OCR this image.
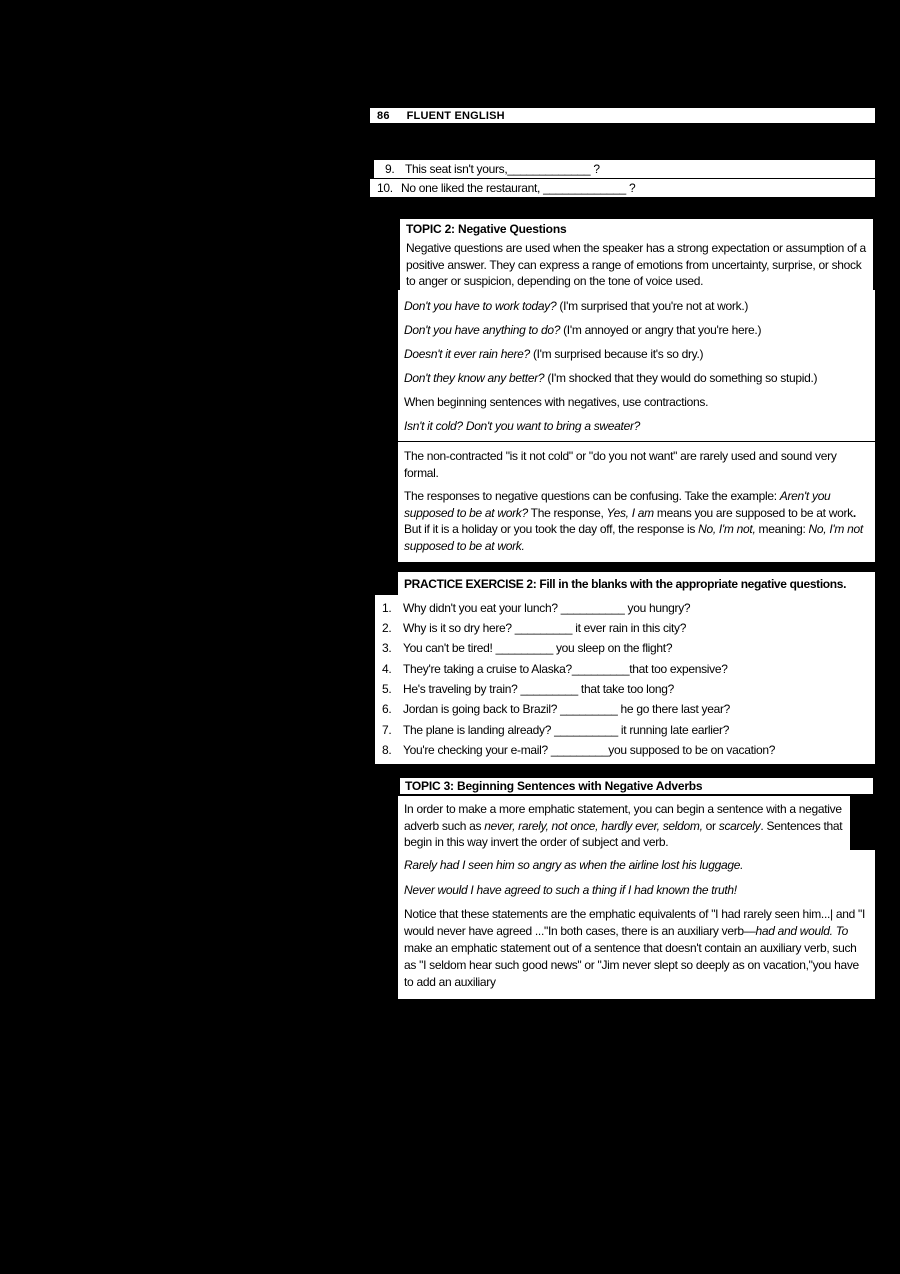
86	FLUENT ENGLISH
9. This seat isn't yours,_____________ ?
10. No one liked the restaurant, _____________ ?
TOPIC 2: Negative Questions
Negative questions are used when the speaker has a strong expectation or assumption of a positive answer. They can express a range of emotions from uncertainty, surprise, or shock to anger or suspicion, depending on the tone of voice used.
Don't you have to work today? (I'm surprised that you're not at work.)
Don't you have anything to do? (I'm annoyed or angry that you're here.)
Doesn't it ever rain here? (I'm surprised because it's so dry.)
Don't they know any better? (I'm shocked that they would do something so stupid.)
When beginning sentences with negatives, use contractions.
Isn't it cold? Don't you want to bring a sweater?
The non-contracted "is it not cold" or "do you not want" are rarely used and sound very formal.
The responses to negative questions can be confusing. Take the example: Aren't you supposed to be at work? The response, Yes, I am means you are supposed to be at work. But if it is a holiday or you took the day off, the response is No, I'm not, meaning: No, I'm not supposed to be at work.
PRACTICE EXERCISE 2: Fill in the blanks with the appropriate negative questions.
1. Why didn't you eat your lunch? __________ you hungry?
2. Why is it so dry here? _________ it ever rain in this city?
3. You can't be tired! _________ you sleep on the flight?
4. They're taking a cruise to Alaska?_________that too expensive?
5. He's traveling by train? _________ that take too long?
6. Jordan is going back to Brazil? _________ he go there last year?
7. The plane is landing already? __________ it running late earlier?
8. You're checking your e-mail? _________you supposed to be on vacation?
TOPIC 3: Beginning Sentences with Negative Adverbs
In order to make a more emphatic statement, you can begin a sentence with a negative adverb such as never, rarely, not once, hardly ever, seldom, or scarcely. Sentences that begin in this way invert the order of subject and verb.
Rarely had I seen him so angry as when the airline lost his luggage.
Never would I have agreed to such a thing if I had known the truth!
Notice that these statements are the emphatic equivalents of "I had rarely seen him...| and "I would never have agreed ..."In both cases, there is an auxiliary verb—had and would. To make an emphatic statement out of a sentence that doesn't contain an auxiliary verb, such as "I seldom hear such good news" or "Jim never slept so deeply as on vacation,"you have to add an auxiliary
